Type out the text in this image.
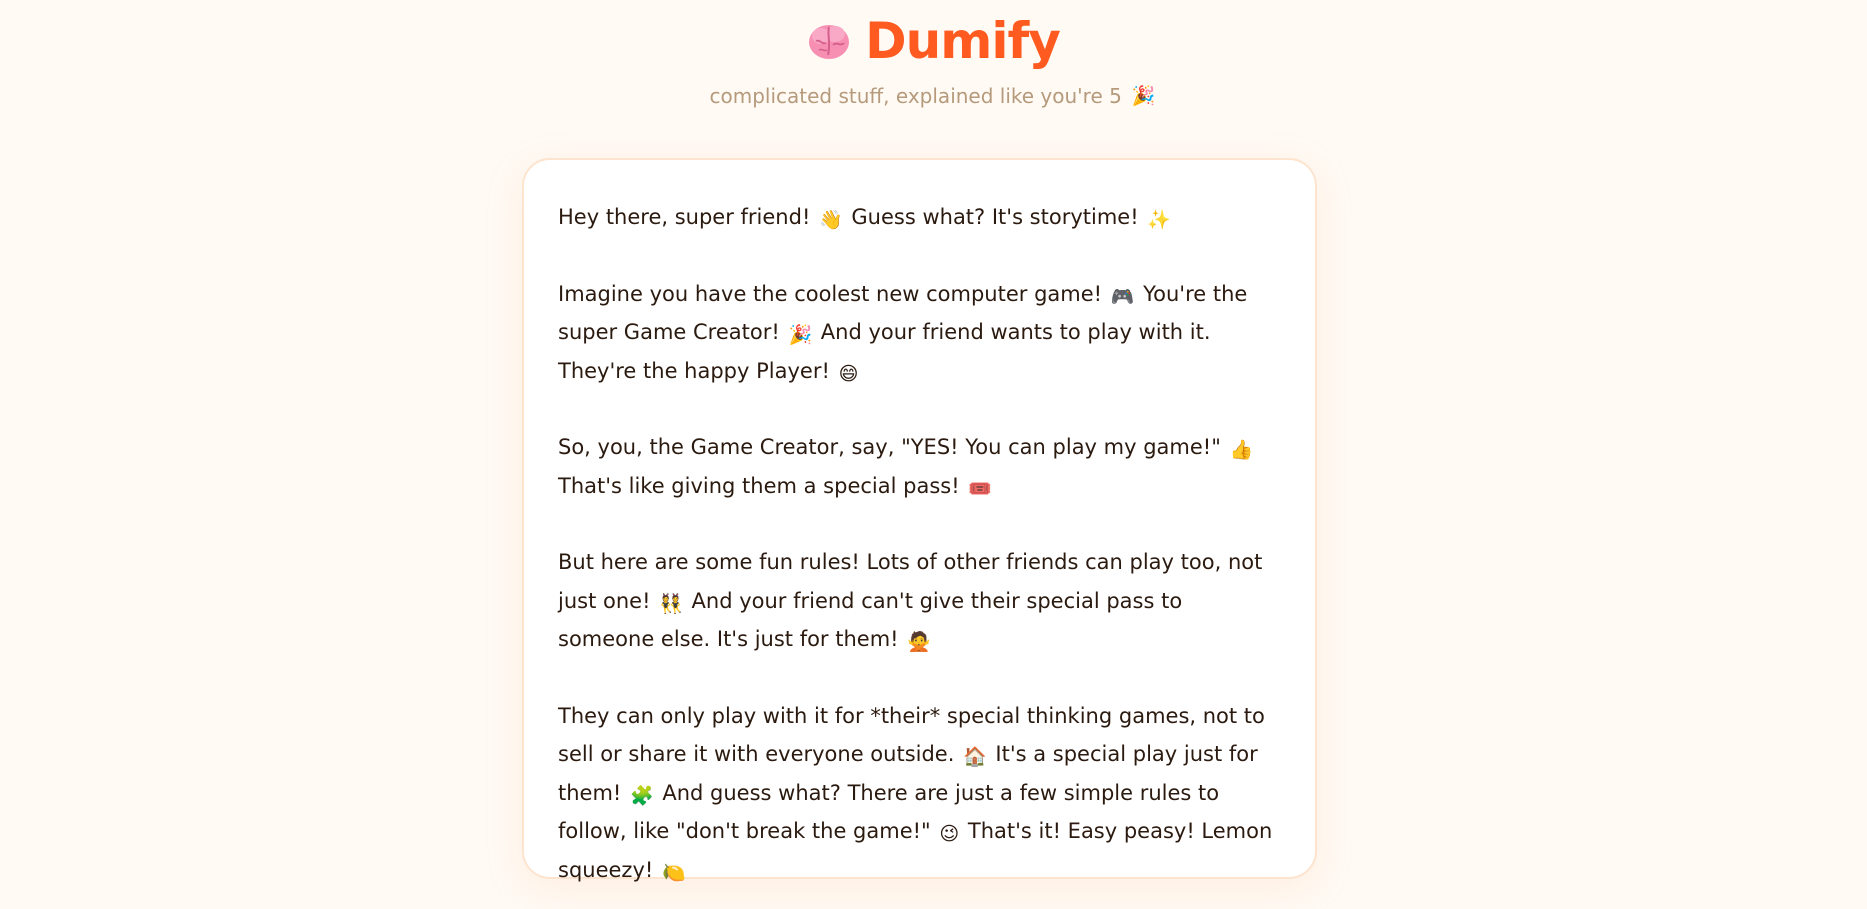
Dumify
complicated stuff, explained like you're 5 🎉

Hey there, super friend! 👋 Guess what? It's storytime! ✨

Imagine you have the coolest new computer game! 🎮 You're the super Game Creator! 🎉 And your friend wants to play with it. They're the happy Player! 😄

So, you, the Game Creator, say, "YES! You can play my game!" 👍 That's like giving them a special pass! 🎟️

But here are some fun rules! Lots of other friends can play too, not just one! 👯 And your friend can't give their special pass to someone else. It's just for them! 🙅

They can only play with it for *their* special thinking games, not to sell or share it with everyone outside. 🏠 It's a special play just for them! 🧩 And guess what? There are just a few simple rules to follow, like "don't break the game!" 😉 That's it! Easy peasy! Lemon squeezy! 🍋
